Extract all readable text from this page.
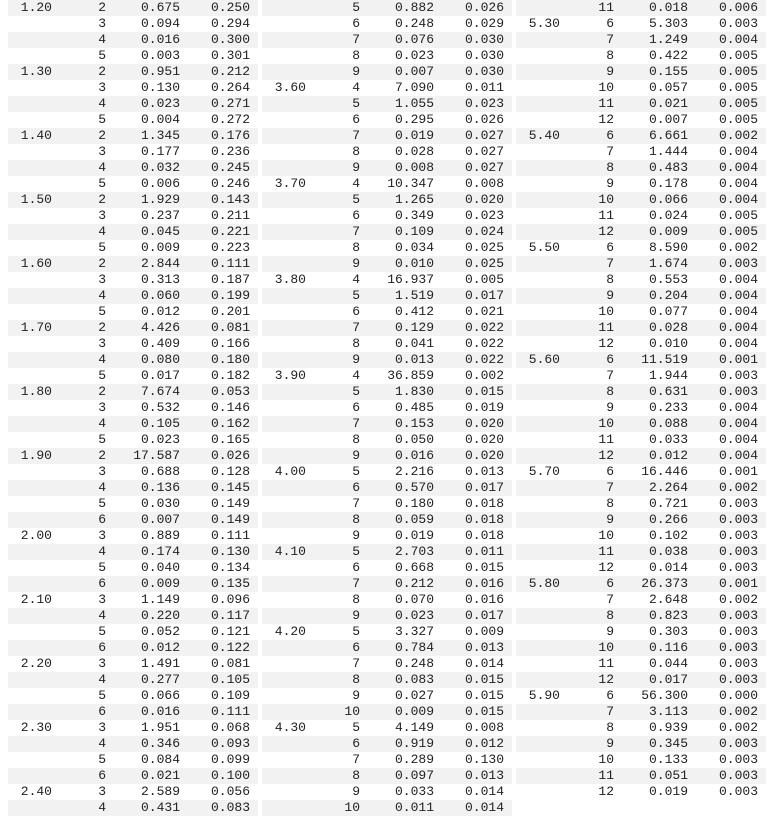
1.20	2	0.675	0.250
3	0.094	0.294
4	0.016	0.300
5	0.003	0.301
1.30	2	0.951	0.212
3	0.130	0.264
4	0.023	0.271
5	0.004	0.272
1.40	2	1.345	0.176
3	0.177	0.236
4	0.032	0.245
5	0.006	0.246
1.50	2	1.929	0.143
3	0.237	0.211
4	0.045	0.221
5	0.009	0.223
1.60	2	2.844	0.111
3	0.313	0.187
4	0.060	0.199
5	0.012	0.201
1.70	2	4.426	0.081
3	0.409	0.166
4	0.080	0.180
5	0.017	0.182
1.80	2	7.674	0.053
3	0.532	0.146
4	0.105	0.162
5	0.023	0.165
1.90	2	17.587	0.026
3	0.688	0.128
4	0.136	0.145
5	0.030	0.149
6	0.007	0.149
2.00	3	0.889	0.111
4	0.174	0.130
5	0.040	0.134
6	0.009	0.135
2.10	3	1.149	0.096
4	0.220	0.117
5	0.052	0.121
6	0.012	0.122
2.20	3	1.491	0.081
4	0.277	0.105
5	0.066	0.109
6	0.016	0.111
2.30	3	1.951	0.068
4	0.346	0.093
5	0.084	0.099
6	0.021	0.100
2.40	3	2.589	0.056
4	0.431	0.083
5	0.882	0.026
6	0.248	0.029
7	0.076	0.030
8	0.023	0.030
9	0.007	0.030
3.60	4	7.090	0.011
5	1.055	0.023
6	0.295	0.026
7	0.019	0.027
8	0.028	0.027
9	0.008	0.027
3.70	4	10.347	0.008
5	1.265	0.020
6	0.349	0.023
7	0.109	0.024
8	0.034	0.025
9	0.010	0.025
3.80	4	16.937	0.005
5	1.519	0.017
6	0.412	0.021
7	0.129	0.022
8	0.041	0.022
9	0.013	0.022
3.90	4	36.859	0.002
5	1.830	0.015
6	0.485	0.019
7	0.153	0.020
8	0.050	0.020
9	0.016	0.020
4.00	5	2.216	0.013
6	0.570	0.017
7	0.180	0.018
8	0.059	0.018
9	0.019	0.018
4.10	5	2.703	0.011
6	0.668	0.015
7	0.212	0.016
8	0.070	0.016
9	0.023	0.017
4.20	5	3.327	0.009
6	0.784	0.013
7	0.248	0.014
8	0.083	0.015
9	0.027	0.015
10	0.009	0.015
4.30	5	4.149	0.008
6	0.919	0.012
7	0.289	0.130
8	0.097	0.013
9	0.033	0.014
10	0.011	0.014
11	0.018	0.006
5.30	6	5.303	0.003
7	1.249	0.004
8	0.422	0.005
9	0.155	0.005
10	0.057	0.005
11	0.021	0.005
12	0.007	0.005
5.40	6	6.661	0.002
7	1.444	0.004
8	0.483	0.004
9	0.178	0.004
10	0.066	0.004
11	0.024	0.005
12	0.009	0.005
5.50	6	8.590	0.002
7	1.674	0.003
8	0.553	0.004
9	0.204	0.004
10	0.077	0.004
11	0.028	0.004
12	0.010	0.004
5.60	6	11.519	0.001
7	1.944	0.003
8	0.631	0.003
9	0.233	0.004
10	0.088	0.004
11	0.033	0.004
12	0.012	0.004
5.70	6	16.446	0.001
7	2.264	0.002
8	0.721	0.003
9	0.266	0.003
10	0.102	0.003
11	0.038	0.003
12	0.014	0.003
5.80	6	26.373	0.001
7	2.648	0.002
8	0.823	0.003
9	0.303	0.003
10	0.116	0.003
11	0.044	0.003
12	0.017	0.003
5.90	6	56.300	0.000
7	3.113	0.002
8	0.939	0.002
9	0.345	0.003
10	0.133	0.003
11	0.051	0.003
12	0.019	0.003
